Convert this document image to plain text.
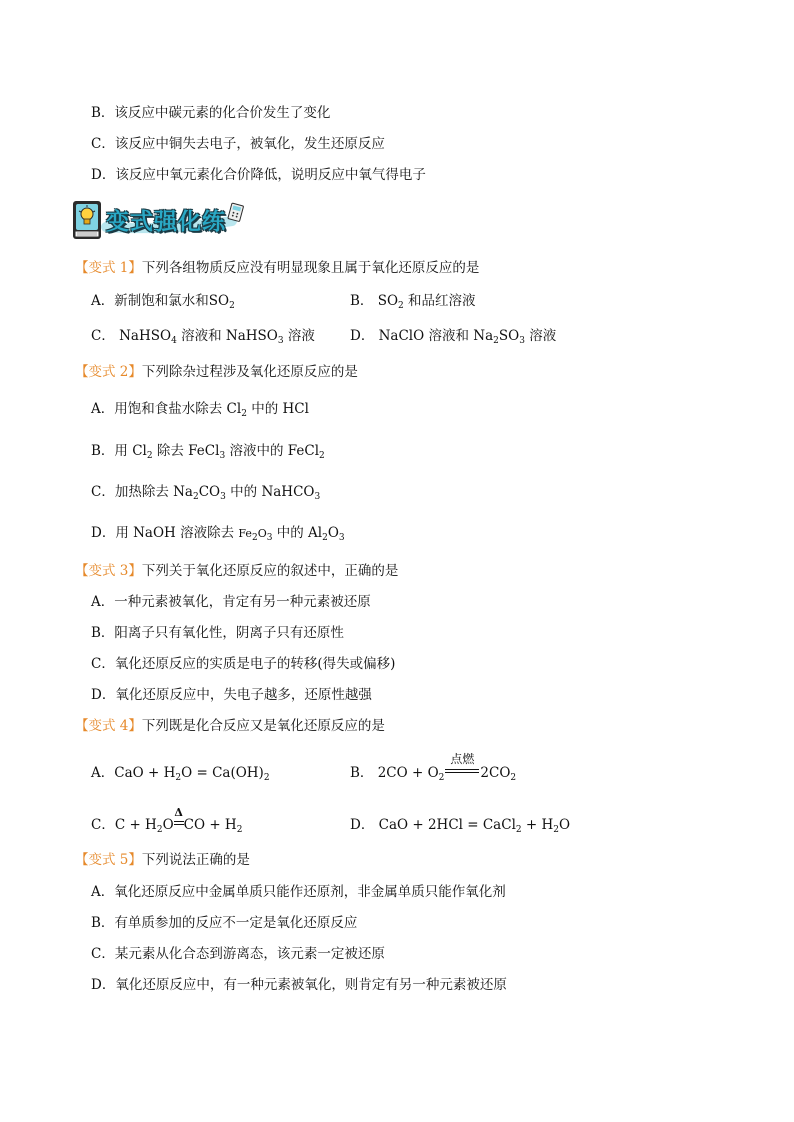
B．该反应中碳元素的化合价发生了变化
C．该反应中铜失去电子，被氧化，发生还原反应
D．该反应中氧元素化合价降低，说明反应中氧气得电子
变式强化练
【变式 1】下列各组物质反应没有明显现象且属于氧化还原反应的是
A．新制饱和氯水和$SO_2$	B． $SO_2$ 和品红溶液
C． NaHSO$_4$ 溶液和 NaHSO$_3$ 溶液	D． NaClO 溶液和 $Na_2SO_3$ 溶液
【变式 2】下列除杂过程涉及氧化还原反应的是
A．用饱和食盐水除去 $Cl_2$ 中的 HCl
B．用 $Cl_2$ 除去 FeCl$_3$ 溶液中的 FeCl$_2$
C．加热除去 $Na_2CO_3$ 中的 NaHCO$_3$
D．用 NaOH 溶液除去 $Fe_2O_3$ 中的 $Al_2O_3$
【变式 3】下列关于氧化还原反应的叙述中，正确的是
A．一种元素被氧化，肯定有另一种元素被还原
B．阳离子只有氧化性，阴离子只有还原性
C．氧化还原反应的实质是电子的转移(得失或偏移)
D．氧化还原反应中，失电子越多，还原性越强
【变式 4】下列既是化合反应又是氧化还原反应的是
A．CaO + $H_2O = Ca(OH)_2$	B． $2CO + O_2$
点燃
$2CO_2$
C．$C + H_2O$
Δ
CO + $H_2$	D． CaO + 2HCl = CaCl$_2$ + $H_2O$
【变式 5】下列说法正确的是
A．氧化还原反应中金属单质只能作还原剂，非金属单质只能作氧化剂
B．有单质参加的反应不一定是氧化还原反应
C．某元素从化合态到游离态，该元素一定被还原
D．氧化还原反应中，有一种元素被氧化，则肯定有另一种元素被还原
